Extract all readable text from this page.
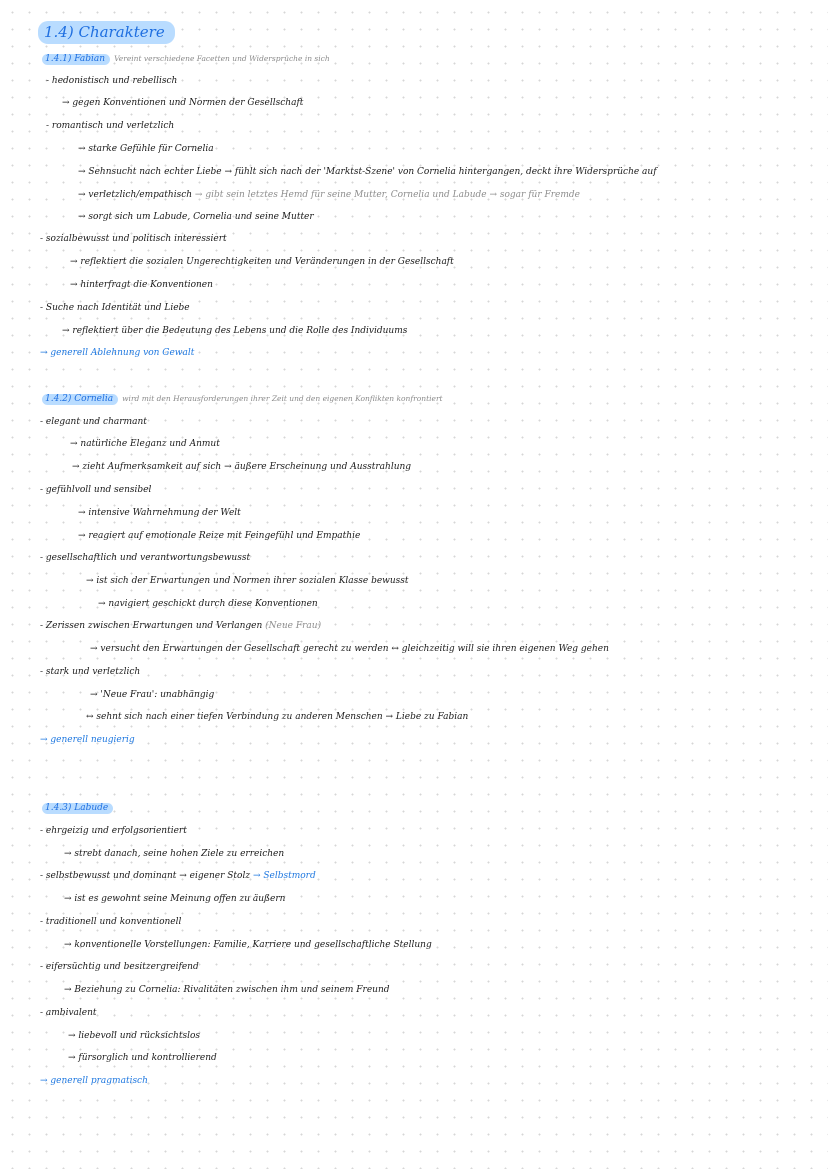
1.4) Charaktere
1.4.1) Fabian Vereint verschiedene Facetten und Widersprüche in sich
- hedonistisch und rebellisch
→ gegen Konventionen und Normen der Gesellschaft
- romantisch und verletzlich
→ starke Gefühle für Cornelia
→ Sehnsucht nach echter Liebe → fühlt sich nach der 'Marktst-Szene' von Cornelia hintergangen, deckt ihre Widersprüche auf
→ verletzlich/empathisch → gibt sein letztes Hemd für seine Mutter, Cornelia und Labude → sogar für Fremde
→ sorgt sich um Labude, Cornelia und seine Mutter
- sozialbewusst und politisch interessiert
→ reflektiert die sozialen Ungerechtigkeiten und Veränderungen in der Gesellschaft
→ hinterfragt die Konventionen
- Suche nach Identität und Liebe
→ reflektiert über die Bedeutung des Lebens und die Rolle des Individuums
→ generell Ablehnung von Gewalt
1.4.2) Cornelia wird mit den Herausforderungen ihrer Zeit und den eigenen Konflikten konfrontiert
- elegant und charmant
→ natürliche Eleganz und Anmut
→ zieht Aufmerksamkeit auf sich → äußere Erscheinung und Ausstrahlung
- gefühlvoll und sensibel
→ intensive Wahrnehmung der Welt
→ reagiert auf emotionale Reize mit Feingefühl und Empathie
- gesellschaftlich und verantwortungsbewusst
→ ist sich der Erwartungen und Normen ihrer sozialen Klasse bewusst
→ navigiert geschickt durch diese Konventionen
- Zerissen zwischen Erwartungen und Verlangen (Neue Frau)
→ versucht den Erwartungen der Gesellschaft gerecht zu werden ↔ gleichzeitig will sie ihren eigenen Weg gehen
- stark und verletzlich
→ 'Neue Frau': unabhängig
↔ sehnt sich nach einer tiefen Verbindung zu anderen Menschen → Liebe zu Fabian
→ generell neugierig
1.4.3) Labude
- ehrgeizig und erfolgsorientiert
→ strebt danach, seine hohen Ziele zu erreichen
- selbstbewusst und dominant → eigener Stolz → Selbstmord
→ ist es gewohnt seine Meinung offen zu äußern
- traditionell und konventionell
→ konventionelle Vorstellungen: Familie, Karriere und gesellschaftliche Stellung
- eifersüchtig und besitzergreifend
→ Beziehung zu Cornelia: Rivalitäten zwischen ihm und seinem Freund
- ambivalent
→ liebevoll und rücksichtslos
→ fürsorglich und kontrollierend
→ generell pragmatisch
